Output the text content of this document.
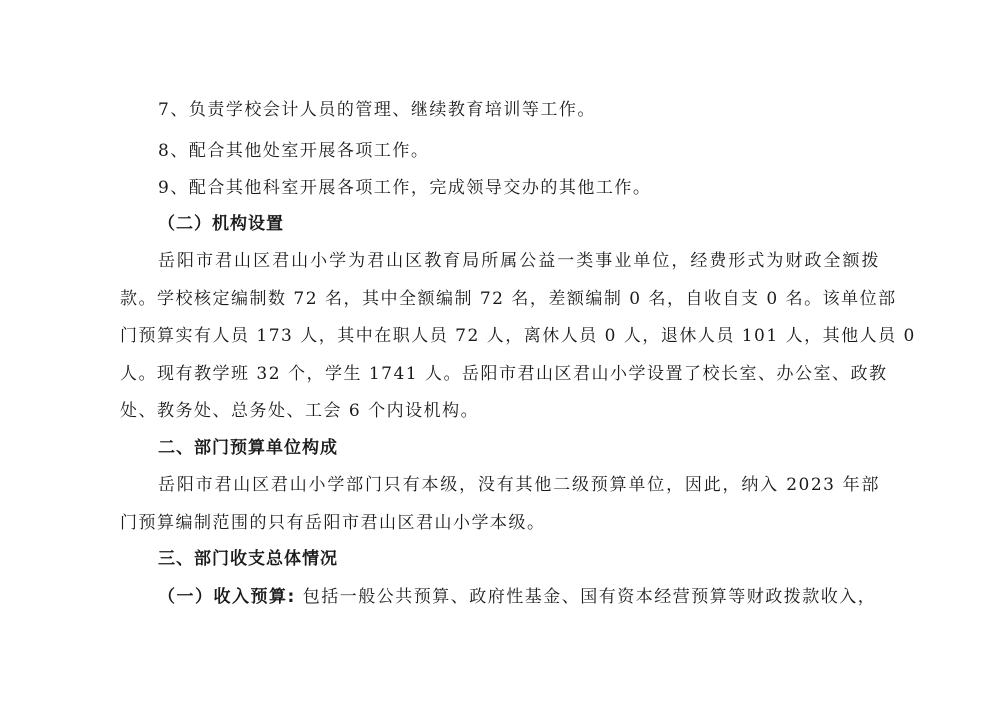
7、负责学校会计人员的管理、继续教育培训等工作。
8、配合其他处室开展各项工作。
9、配合其他科室开展各项工作，完成领导交办的其他工作。
（二）机构设置
岳阳市君山区君山小学为君山区教育局所属公益一类事业单位，经费形式为财政全额拨
款。学校核定编制数 72 名，其中全额编制 72 名，差额编制 0 名，自收自支 0 名。该单位部
门预算实有人员 173 人，其中在职人员 72 人，离休人员 0 人，退休人员 101 人，其他人员 0
人。现有教学班 32 个，学生 1741 人。岳阳市君山区君山小学设置了校长室、办公室、政教
处、教务处、总务处、工会 6 个内设机构。
二、部门预算单位构成
岳阳市君山区君山小学部门只有本级，没有其他二级预算单位，因此，纳入 2023 年部
门预算编制范围的只有岳阳市君山区君山小学本级。
三、部门收支总体情况
（一）收入预算: 包括一般公共预算、政府性基金、国有资本经营预算等财政拨款收入，
